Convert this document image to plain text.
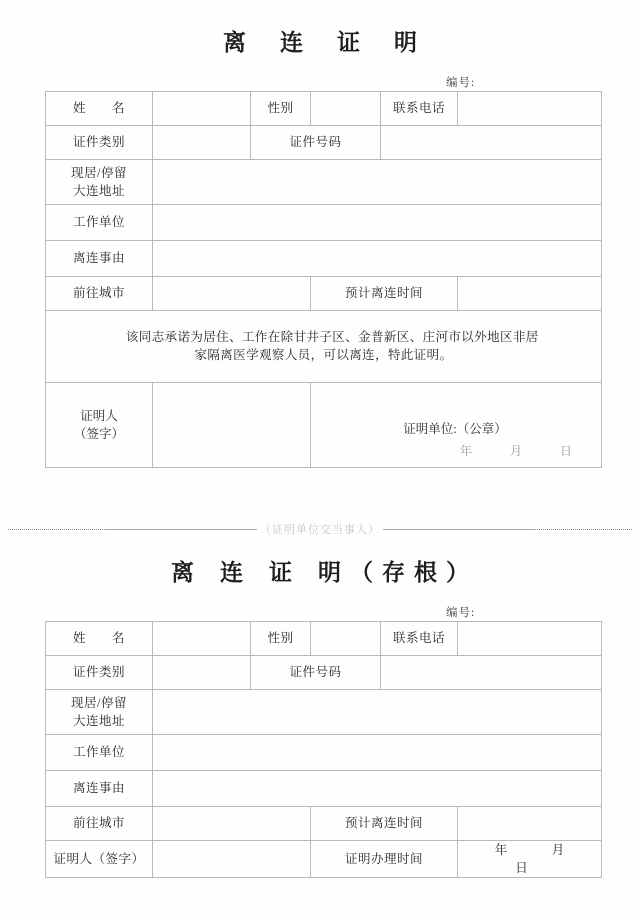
离 连 证 明
编号:
姓　　名		性别		联系电话	
证件类别		证件号码			

现居/停留
大连地址					

工作单位					
离连事由					
前往城市			预计离连时间		
该同志承诺为居住、工作在除甘井子区、金普新区、庄河市以外地区非居
家隔离医学观察人员，可以离连，特此证明。					

证明人
（签字）		证明单位:（公章）
年　月　日
（证明单位交当事人）
离 连 证 明（存根）
编号:
姓　　名		性别		联系电话	
证件类别		证件号码			

现居/停留
大连地址					

工作单位					
离连事由					
前往城市			预计离连时间		
证明人（签字）			证明办理时间		年　月　日
